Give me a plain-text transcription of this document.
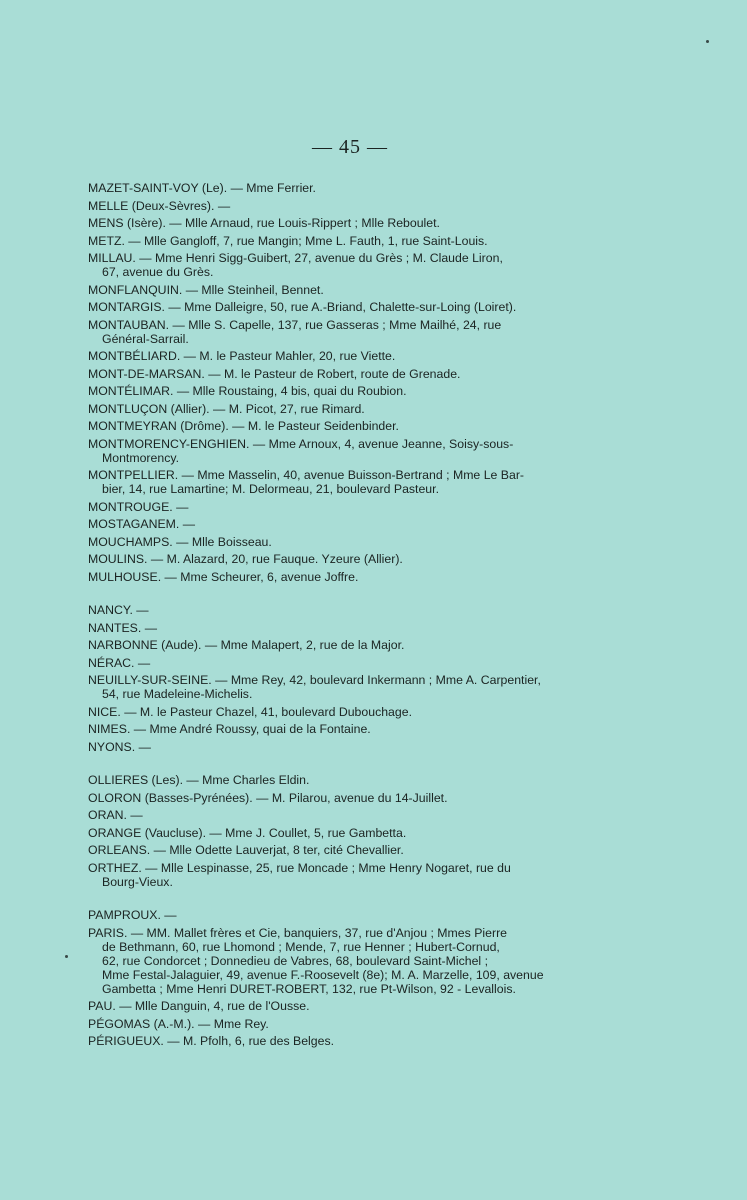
— 45 —
MAZET-SAINT-VOY (Le). — Mme Ferrier.
MELLE (Deux-Sèvres). —
MENS (Isère). — Mlle Arnaud, rue Louis-Rippert ; Mlle Reboulet.
METZ. — Mlle Gangloff, 7, rue Mangin; Mme L. Fauth, 1, rue Saint-Louis.
MILLAU. — Mme Henri Sigg-Guibert, 27, avenue du Grès ; M. Claude Liron,
67, avenue du Grès.
MONFLANQUIN. — Mlle Steinheil, Bennet.
MONTARGIS. — Mme Dalleigre, 50, rue A.-Briand, Chalette-sur-Loing (Loiret).
MONTAUBAN. — Mlle S. Capelle, 137, rue Gasseras ; Mme Mailhé, 24, rue
Général-Sarrail.
MONTBÉLIARD. — M. le Pasteur Mahler, 20, rue Viette.
MONT-DE-MARSAN. — M. le Pasteur de Robert, route de Grenade.
MONTÉLIMAR. — Mlle Roustaing, 4 bis, quai du Roubion.
MONTLUÇON (Allier). — M. Picot, 27, rue Rimard.
MONTMEYRAN (Drôme). — M. le Pasteur Seidenbinder.
MONTMORENCY-ENGHIEN. — Mme Arnoux, 4, avenue Jeanne, Soisy-sous-
Montmorency.
MONTPELLIER. — Mme Masselin, 40, avenue Buisson-Bertrand ; Mme Le Bar-
bier, 14, rue Lamartine; M. Delormeau, 21, boulevard Pasteur.
MONTROUGE. —
MOSTAGANEM. —
MOUCHAMPS. — Mlle Boisseau.
MOULINS. — M. Alazard, 20, rue Fauque. Yzeure (Allier).
MULHOUSE. — Mme Scheurer, 6, avenue Joffre.
NANCY. —
NANTES. —
NARBONNE (Aude). — Mme Malapert, 2, rue de la Major.
NÉRAC. —
NEUILLY-SUR-SEINE. — Mme Rey, 42, boulevard Inkermann ; Mme A. Carpentier,
54, rue Madeleine-Michelis.
NICE. — M. le Pasteur Chazel, 41, boulevard Dubouchage.
NIMES. — Mme André Roussy, quai de la Fontaine.
NYONS. —
OLLIERES (Les). — Mme Charles Eldin.
OLORON (Basses-Pyrénées). — M. Pilarou, avenue du 14-Juillet.
ORAN. —
ORANGE (Vaucluse). — Mme J. Coullet, 5, rue Gambetta.
ORLEANS. — Mlle Odette Lauverjat, 8 ter, cité Chevallier.
ORTHEZ. — Mlle Lespinasse, 25, rue Moncade ; Mme Henry Nogaret, rue du
Bourg-Vieux.
PAMPROUX. —
PARIS. — MM. Mallet frères et Cie, banquiers, 37, rue d'Anjou ; Mmes Pierre
de Bethmann, 60, rue Lhomond ; Mende, 7, rue Henner ; Hubert-Cornud,
62, rue Condorcet ; Donnedieu de Vabres, 68, boulevard Saint-Michel ;
Mme Festal-Jalaguier, 49, avenue F.-Roosevelt (8e); M. A. Marzelle, 109, avenue
Gambetta ; Mme Henri DURET-ROBERT, 132, rue Pt-Wilson, 92 - Levallois.
PAU. — Mlle Danguin, 4, rue de l'Ousse.
PÉGOMAS (A.-M.). — Mme Rey.
PÉRIGUEUX. — M. Pfolh, 6, rue des Belges.
